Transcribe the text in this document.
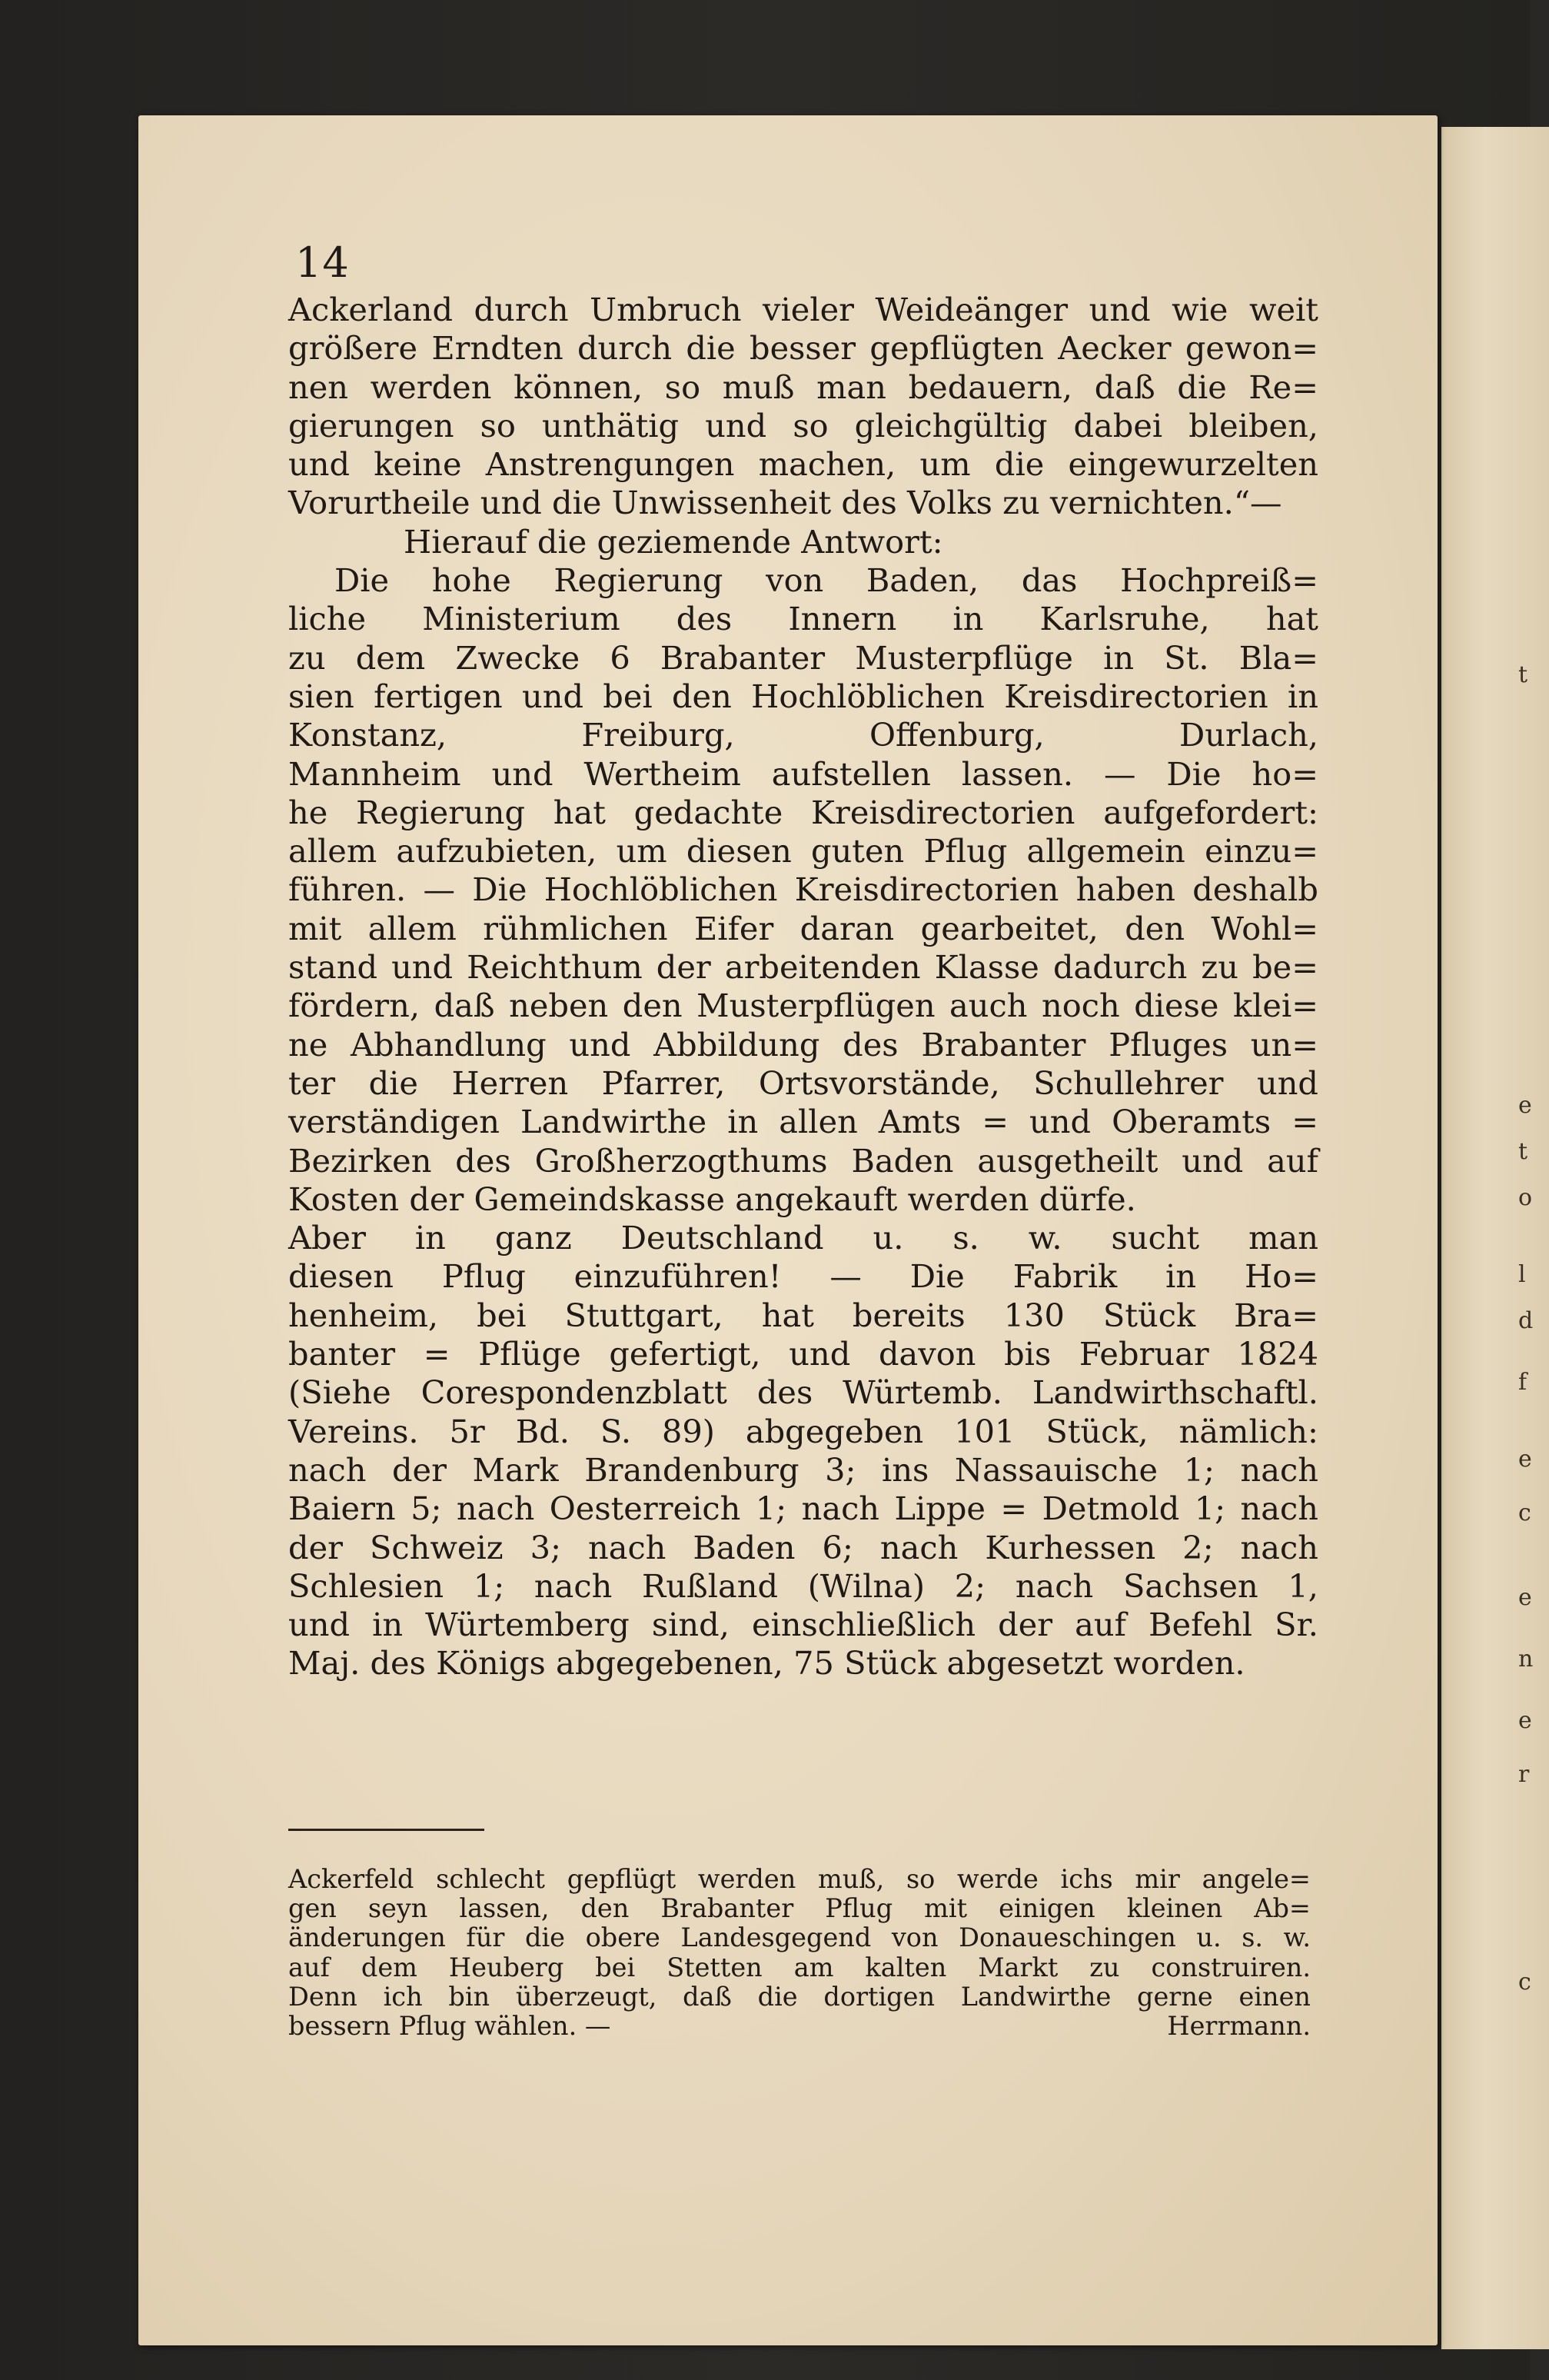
t
e
t
o
l
d
f
e
c
e
n
e
r
c
14
Ackerland durch Umbruch vieler Weideänger und wie weit
größere Erndten durch die besser gepflügten Aecker gewon=
nen werden können, so muß man bedauern, daß die Re=
gierungen so unthätig und so gleichgültig dabei bleiben,
und keine Anstrengungen machen, um die eingewurzelten
Vorurtheile und die Unwissenheit des Volks zu vernichten.“—
Hierauf die geziemende Antwort:
Die hohe Regierung von Baden, das Hochpreiß=
liche Ministerium des Innern in Karlsruhe, hat
zu dem Zwecke 6 Brabanter Musterpflüge in St. Bla=
sien fertigen und bei den Hochlöblichen Kreisdirectorien in
Konstanz, Freiburg, Offenburg, Durlach,
Mannheim und Wertheim aufstellen lassen. — Die ho=
he Regierung hat gedachte Kreisdirectorien aufgefordert:
allem aufzubieten, um diesen guten Pflug allgemein einzu=
führen. — Die Hochlöblichen Kreisdirectorien haben deshalb
mit allem rühmlichen Eifer daran gearbeitet, den Wohl=
stand und Reichthum der arbeitenden Klasse dadurch zu be=
fördern, daß neben den Musterpflügen auch noch diese klei=
ne Abhandlung und Abbildung des Brabanter Pfluges un=
ter die Herren Pfarrer, Ortsvorstände, Schullehrer und
verständigen Landwirthe in allen Amts = und Oberamts =
Bezirken des Großherzogthums Baden ausgetheilt und auf
Kosten der Gemeindskasse angekauft werden dürfe.
Aber in ganz Deutschland u. s. w. sucht man
diesen Pflug einzuführen! — Die Fabrik in Ho=
henheim, bei Stuttgart, hat bereits 130 Stück Bra=
banter = Pflüge gefertigt, und davon bis Februar 1824
(Siehe Corespondenzblatt des Würtemb. Landwirthschaftl.
Vereins. 5r Bd. S. 89) abgegeben 101 Stück, nämlich:
nach der Mark Brandenburg 3; ins Nassauische 1; nach
Baiern 5; nach Oesterreich 1; nach Lippe = Detmold 1; nach
der Schweiz 3; nach Baden 6; nach Kurhessen 2; nach
Schlesien 1; nach Rußland (Wilna) 2; nach Sachsen 1,
und in Würtemberg sind, einschließlich der auf Befehl Sr.
Maj. des Königs abgegebenen, 75 Stück abgesetzt worden.
Ackerfeld schlecht gepflügt werden muß, so werde ichs mir angele=
gen seyn lassen, den Brabanter Pflug mit einigen kleinen Ab=
änderungen für die obere Landesgegend von Donaueschingen u. s. w.
auf dem Heuberg bei Stetten am kalten Markt zu construiren.
Denn ich bin überzeugt, daß die dortigen Landwirthe gerne einen
bessern Pflug wählen. —	Herrmann.
